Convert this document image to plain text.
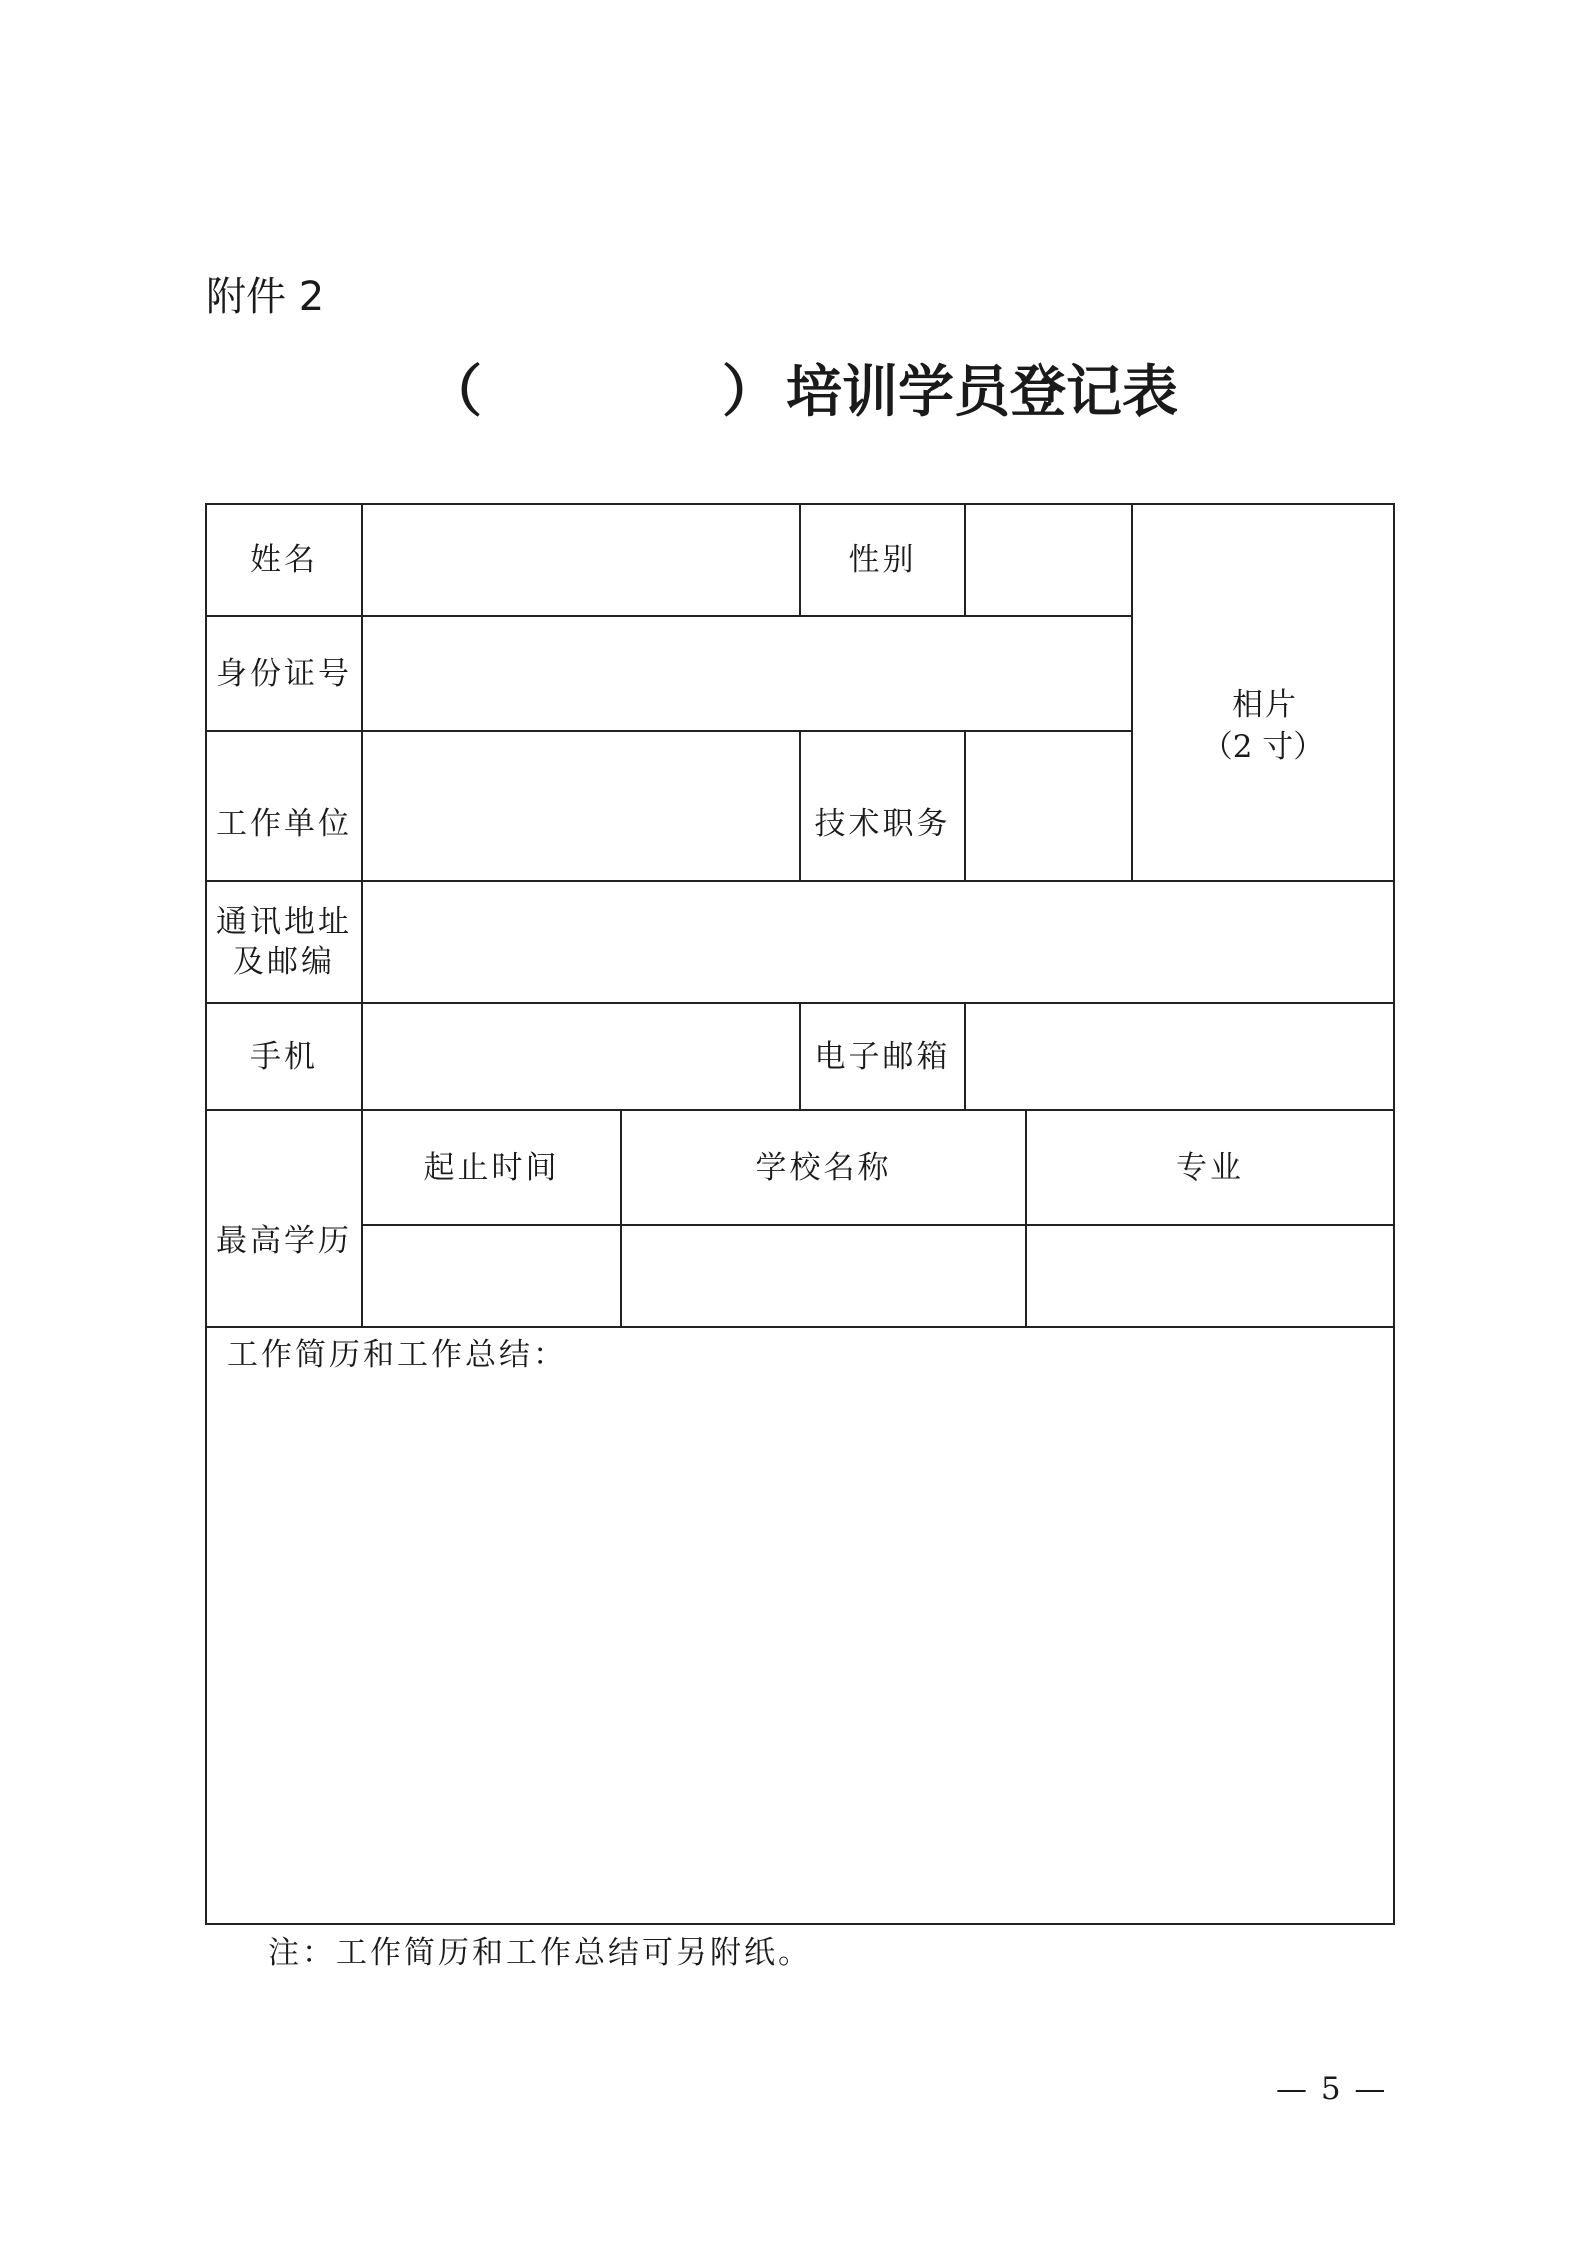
附件 2
（	） 培训学员登记表
姓名	性别
相片
（2 寸）
身份证号
工作单位	技术职务
通讯地址
及邮编
手机	电子邮箱
最高学历
起止时间	学校名称	专业
工作简历和工作总结：
注：工作简历和工作总结可另附纸。
— 5 —
